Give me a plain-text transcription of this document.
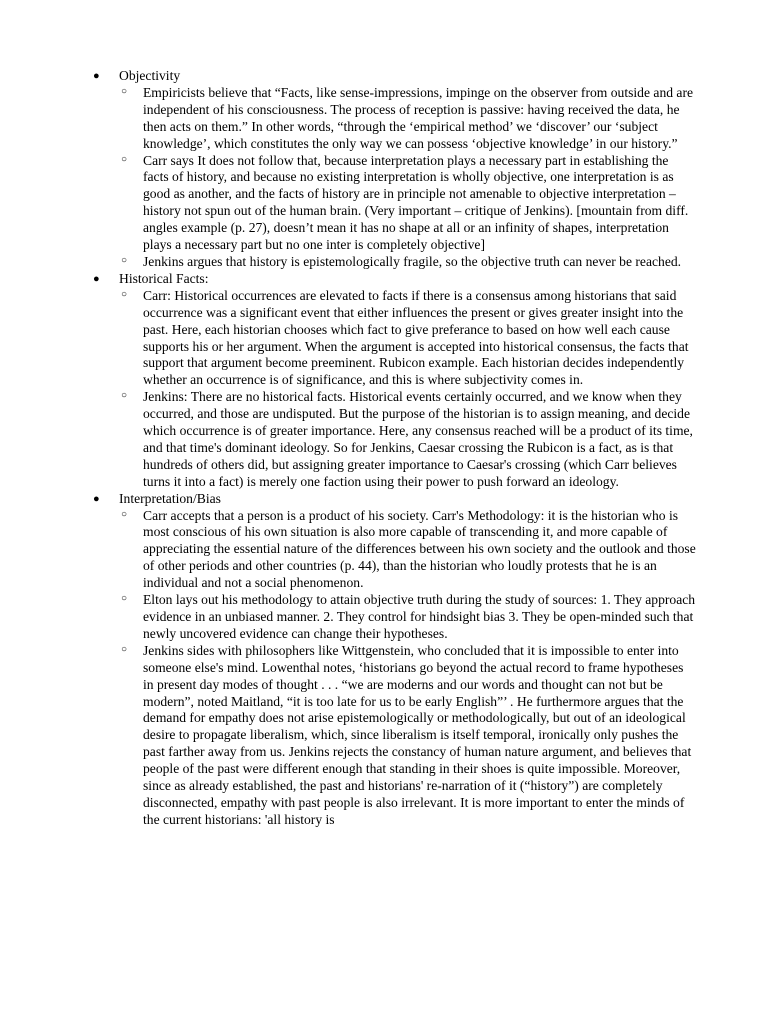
●	Objectivity
○ Empiricists believe that “Facts, like sense-impressions, impinge on the observer from outside and are independent of his consciousness. The process of reception is passive: having received the data, he then acts on them.” In other words, “through the ‘empirical method’ we ‘discover’ our ‘subject knowledge’, which constitutes the only way we can possess ‘objective knowledge’ in our history.”
○ Carr says It does not follow that, because interpretation plays a necessary part in establishing the facts of history, and because no existing interpretation is wholly objective, one interpretation is as good as another, and the facts of history are in principle not amenable to objective interpretation – history not spun out of the human brain. (Very important – critique of Jenkins). [mountain from diff. angles example (p. 27), doesn’t mean it has no shape at all or an infinity of shapes, interpretation plays a necessary part but no one inter is completely objective]
○ Jenkins argues that history is epistemologically fragile, so the objective truth can never be reached.
●	Historical Facts:
○ Carr: Historical occurrences are elevated to facts if there is a consensus among historians that said occurrence was a significant event that either influences the present or gives greater insight into the past. Here, each historian chooses which fact to give preferance to based on how well each cause supports his or her argument. When the argument is accepted into historical consensus, the facts that support that argument become preeminent. Rubicon example. Each historian decides independently whether an occurrence is of significance, and this is where subjectivity comes in.
○ Jenkins: There are no historical facts. Historical events certainly occurred, and we know when they occurred, and those are undisputed. But the purpose of the historian is to assign meaning, and decide which occurrence is of greater importance. Here, any consensus reached will be a product of its time, and that time's dominant ideology. So for Jenkins, Caesar crossing the Rubicon is a fact, as is that hundreds of others did, but assigning greater importance to Caesar's crossing (which Carr believes turns it into a fact) is merely one faction using their power to push forward an ideology.
●	Interpretation/Bias
○ Carr accepts that a person is a product of his society. Carr's Methodology: it is the historian who is most conscious of his own situation is also more capable of transcending it, and more capable of appreciating the essential nature of the differences between his own society and the outlook and those of other periods and other countries (p. 44), than the historian who loudly protests that he is an individual and not a social phenomenon.
○ Elton lays out his methodology to attain objective truth during the study of sources: 1. They approach evidence in an unbiased manner. 2. They control for hindsight bias 3. They be open-minded such that newly uncovered evidence can change their hypotheses.
○ Jenkins sides with philosophers like Wittgenstein, who concluded that it is impossible to enter into someone else's mind. Lowenthal notes, ‘historians go beyond the actual record to frame hypotheses in present day modes of thought . . . “we are moderns and our words and thought can not but be modern”, noted Maitland, “it is too late for us to be early English”’ . He furthermore argues that the demand for empathy does not arise epistemologically or methodologically, but out of an ideological desire to propagate liberalism, which, since liberalism is itself temporal, ironically only pushes the past farther away from us. Jenkins rejects the constancy of human nature argument, and believes that people of the past were different enough that standing in their shoes is quite impossible. Moreover, since as already established, the past and historians' re-narration of it (“history”) are completely disconnected, empathy with past people is also irrelevant. It is more important to enter the minds of the current historians: 'all history is
